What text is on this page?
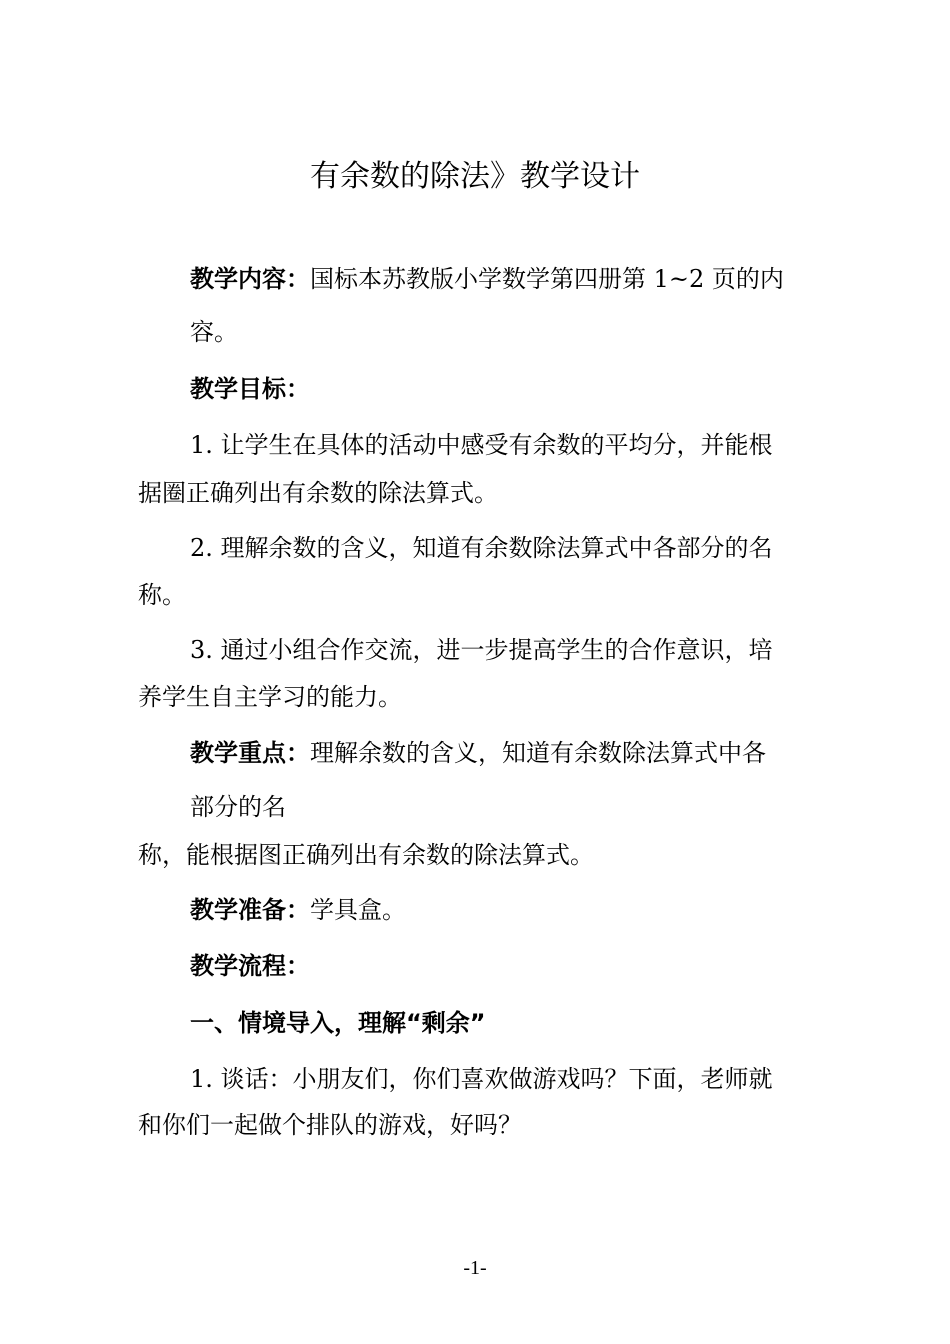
有余数的除法》教学设计
教学内容：国标本苏教版小学数学第四册第 1~2 页的内
容。
教学目标：
1. 让学生在具体的活动中感受有余数的平均分，并能根
据圈正确列出有余数的除法算式。
2. 理解余数的含义，知道有余数除法算式中各部分的名
称。
3. 通过小组合作交流，进一步提高学生的合作意识，培
养学生自主学习的能力。
教学重点：理解余数的含义，知道有余数除法算式中各
部分的名
称，能根据图正确列出有余数的除法算式。
教学准备：学具盒。
教学流程：
一、情境导入，理解“剩余”
1. 谈话：小朋友们，你们喜欢做游戏吗？下面，老师就
和你们一起做个排队的游戏，好吗？
-1-
